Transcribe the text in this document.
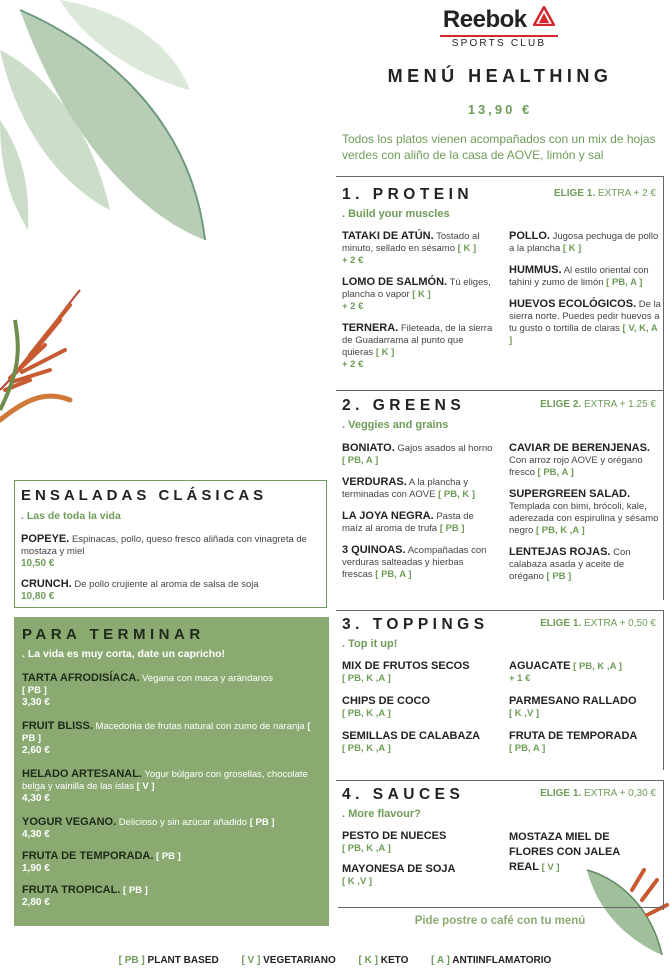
Reebok
SPORTS CLUB
MENÚ HEALTHING
13,90 €
Todos los platos vienen acompañados con un mix de hojas verdes con aliño de la casa de AOVE, limón y sal
1. PROTEIN	ELIGE 1. EXTRA + 2 €
. Build your muscles
TATAKI DE ATÚN. Tostado al minuto, sellado en sésamo [ K ]
+ 2 €
LOMO DE SALMÓN. Tú eliges, plancha o vapor [ K ]
+ 2 €
TERNERA. Fileteada, de la sierra de Guadarrama al punto que quieras [ K ]
+ 2 €
POLLO. Jugosa pechuga de pollo a la plancha [ K ]
HUMMUS. Al estilo oriental con tahini y zumo de limón [ PB, A ]
HUEVOS ECOLÓGICOS. De la sierra norte. Puedes pedir huevos a tu gusto o tortilla de claras [ V, K, A ]
2. GREENS	ELIGE 2. EXTRA + 1.25 €
. Veggies and grains
BONIATO. Gajos asados al horno [ PB, A ]
VERDURAS. A la plancha y terminadas con AOVE [ PB, K ]
LA JOYA NEGRA. Pasta de maíz al aroma de trufa [ PB ]
3 QUINOAS. Acompañadas con verduras salteadas y hierbas frescas [ PB, A ]
CAVIAR DE BERENJENAS. Con arroz rojo AOVE y orégano fresco [ PB, A ]
SUPERGREEN SALAD. Templada con bimi, brócoli, kale, aderezada con espirulina y sésamo negro [ PB, K ,A ]
LENTEJAS ROJAS. Con calabaza asada y aceite de orégano [ PB ]
3. TOPPINGS	ELIGE 1. EXTRA + 0,50 €
. Top it up!
MIX DE FRUTOS SECOS
[ PB, K ,A ]
CHIPS DE COCO
[ PB, K ,A ]
SEMILLAS DE CALABAZA
[ PB, K ,A ]
AGUACATE [ PB, K ,A ]
+ 1 €
PARMESANO RALLADO
[ K ,V ]
FRUTA DE TEMPORADA
[ PB, A ]
4. SAUCES	ELIGE 1. EXTRA + 0,30 €
. More flavour?
PESTO DE NUECES
[ PB, K ,A ]
MAYONESA DE SOJA
[ K ,V ]
MOSTAZA MIEL DE FLORES CON JALEA REAL [ V ]
Pide postre o café con tu menú
ENSALADAS CLÁSICAS
. Las de toda la vida
POPEYE. Espinacas, pollo, queso fresco aliñada con vinagreta de mostaza y miel
10,50 €
CRUNCH. De pollo crujiente al aroma de salsa de soja
10,80 €
PARA TERMINAR
. La vida es muy corta, date un capricho!
TARTA AFRODISÍACA. Vegana con maca y arándanos
[ PB ]
3,30 €
FRUIT BLISS. Macedonia de frutas natural con zumo de naranja [ PB ]
2,60 €
HELADO ARTESANAL. Yogur búlgaro con grosellas, chocolate belga y vainilla de las islas [ V ]
4,30 €
YOGUR VEGANO. Delicioso y sin azúcar añadido [ PB ]
4,30 €
FRUTA DE TEMPORADA. [ PB ]
1,90 €
FRUTA TROPICAL. [ PB ]
2,80 €
[ PB ] PLANT BASED [ V ] VEGETARIANO [ K ] KETO [ A ] ANTIINFLAMATORIO
